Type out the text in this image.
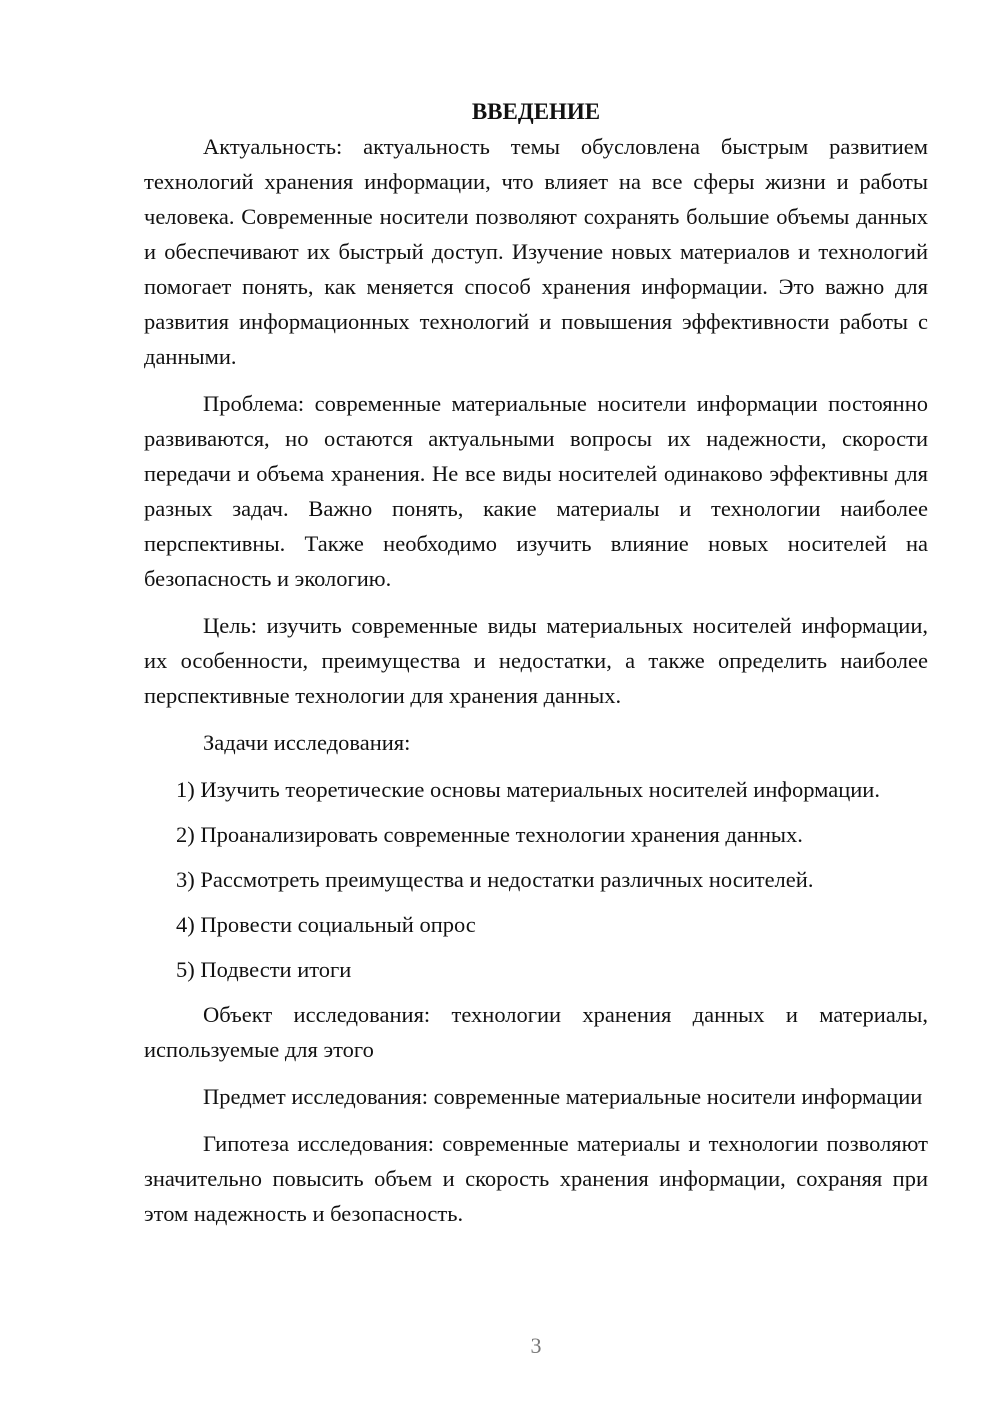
ВВЕДЕНИЕ

Актуальность: актуальность темы обусловлена быстрым развитием технологий хранения информации, что влияет на все сферы жизни и работы человека. Современные носители позволяют сохранять большие объемы данных и обеспечивают их быстрый доступ. Изучение новых материалов и технологий помогает понять, как меняется способ хранения информации. Это важно для развития информационных технологий и повышения эффективности работы с данными.

Проблема: современные материальные носители информации постоянно развиваются, но остаются актуальными вопросы их надежности, скорости передачи и объема хранения. Не все виды носителей одинаково эффективны для разных задач. Важно понять, какие материалы и технологии наиболее перспективны. Также необходимо изучить влияние новых носителей на безопасность и экологию.

Цель: изучить современные виды материальных носителей информации, их особенности, преимущества и недостатки, а также определить наиболее перспективные технологии для хранения данных.

Задачи исследования:

1) Изучить теоретические основы материальных носителей информации.

2) Проанализировать современные технологии хранения данных.

3) Рассмотреть преимущества и недостатки различных носителей.

4) Провести социальный опрос

5) Подвести итоги

Объект исследования: технологии хранения данных и материалы, используемые для этого

Предмет исследования: современные материальные носители информации

Гипотеза исследования: современные материалы и технологии позволяют значительно повысить объем и скорость хранения информации, сохраняя при этом надежность и безопасность.

3
